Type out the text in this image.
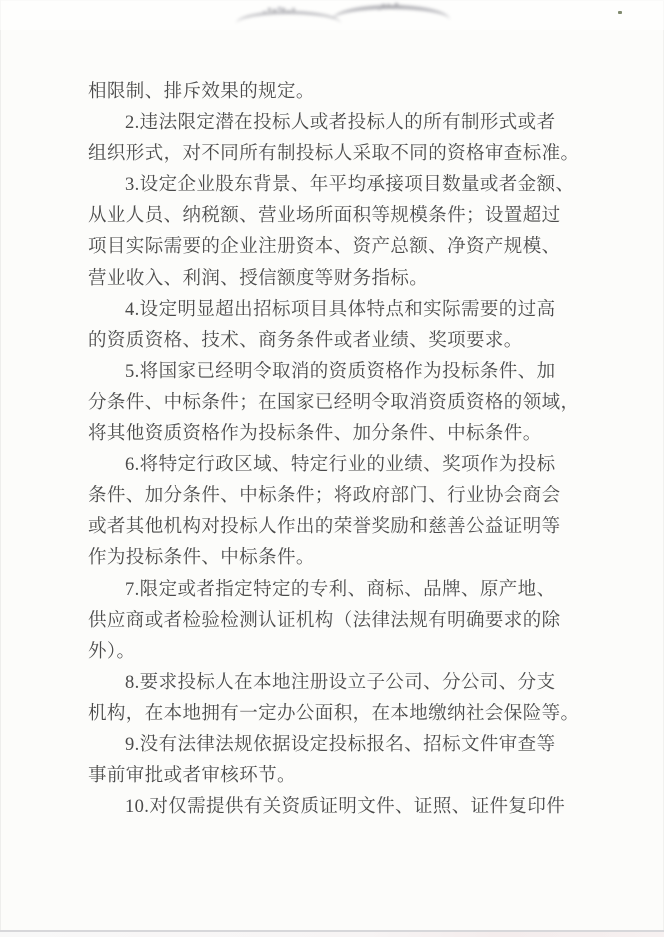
相限制、排斥效果的规定。
2.违法限定潜在投标人或者投标人的所有制形式或者
组织形式，对不同所有制投标人采取不同的资格审查标准。
3.设定企业股东背景、年平均承接项目数量或者金额、
从业人员、纳税额、营业场所面积等规模条件；设置超过
项目实际需要的企业注册资本、资产总额、净资产规模、
营业收入、利润、授信额度等财务指标。
4.设定明显超出招标项目具体特点和实际需要的过高
的资质资格、技术、商务条件或者业绩、奖项要求。
5.将国家已经明令取消的资质资格作为投标条件、加
分条件、中标条件；在国家已经明令取消资质资格的领域，
将其他资质资格作为投标条件、加分条件、中标条件。
6.将特定行政区域、特定行业的业绩、奖项作为投标
条件、加分条件、中标条件；将政府部门、行业协会商会
或者其他机构对投标人作出的荣誉奖励和慈善公益证明等
作为投标条件、中标条件。
7.限定或者指定特定的专利、商标、品牌、原产地、
供应商或者检验检测认证机构（法律法规有明确要求的除
外）。
8.要求投标人在本地注册设立子公司、分公司、分支
机构，在本地拥有一定办公面积，在本地缴纳社会保险等。
9.没有法律法规依据设定投标报名、招标文件审查等
事前审批或者审核环节。
10.对仅需提供有关资质证明文件、证照、证件复印件
